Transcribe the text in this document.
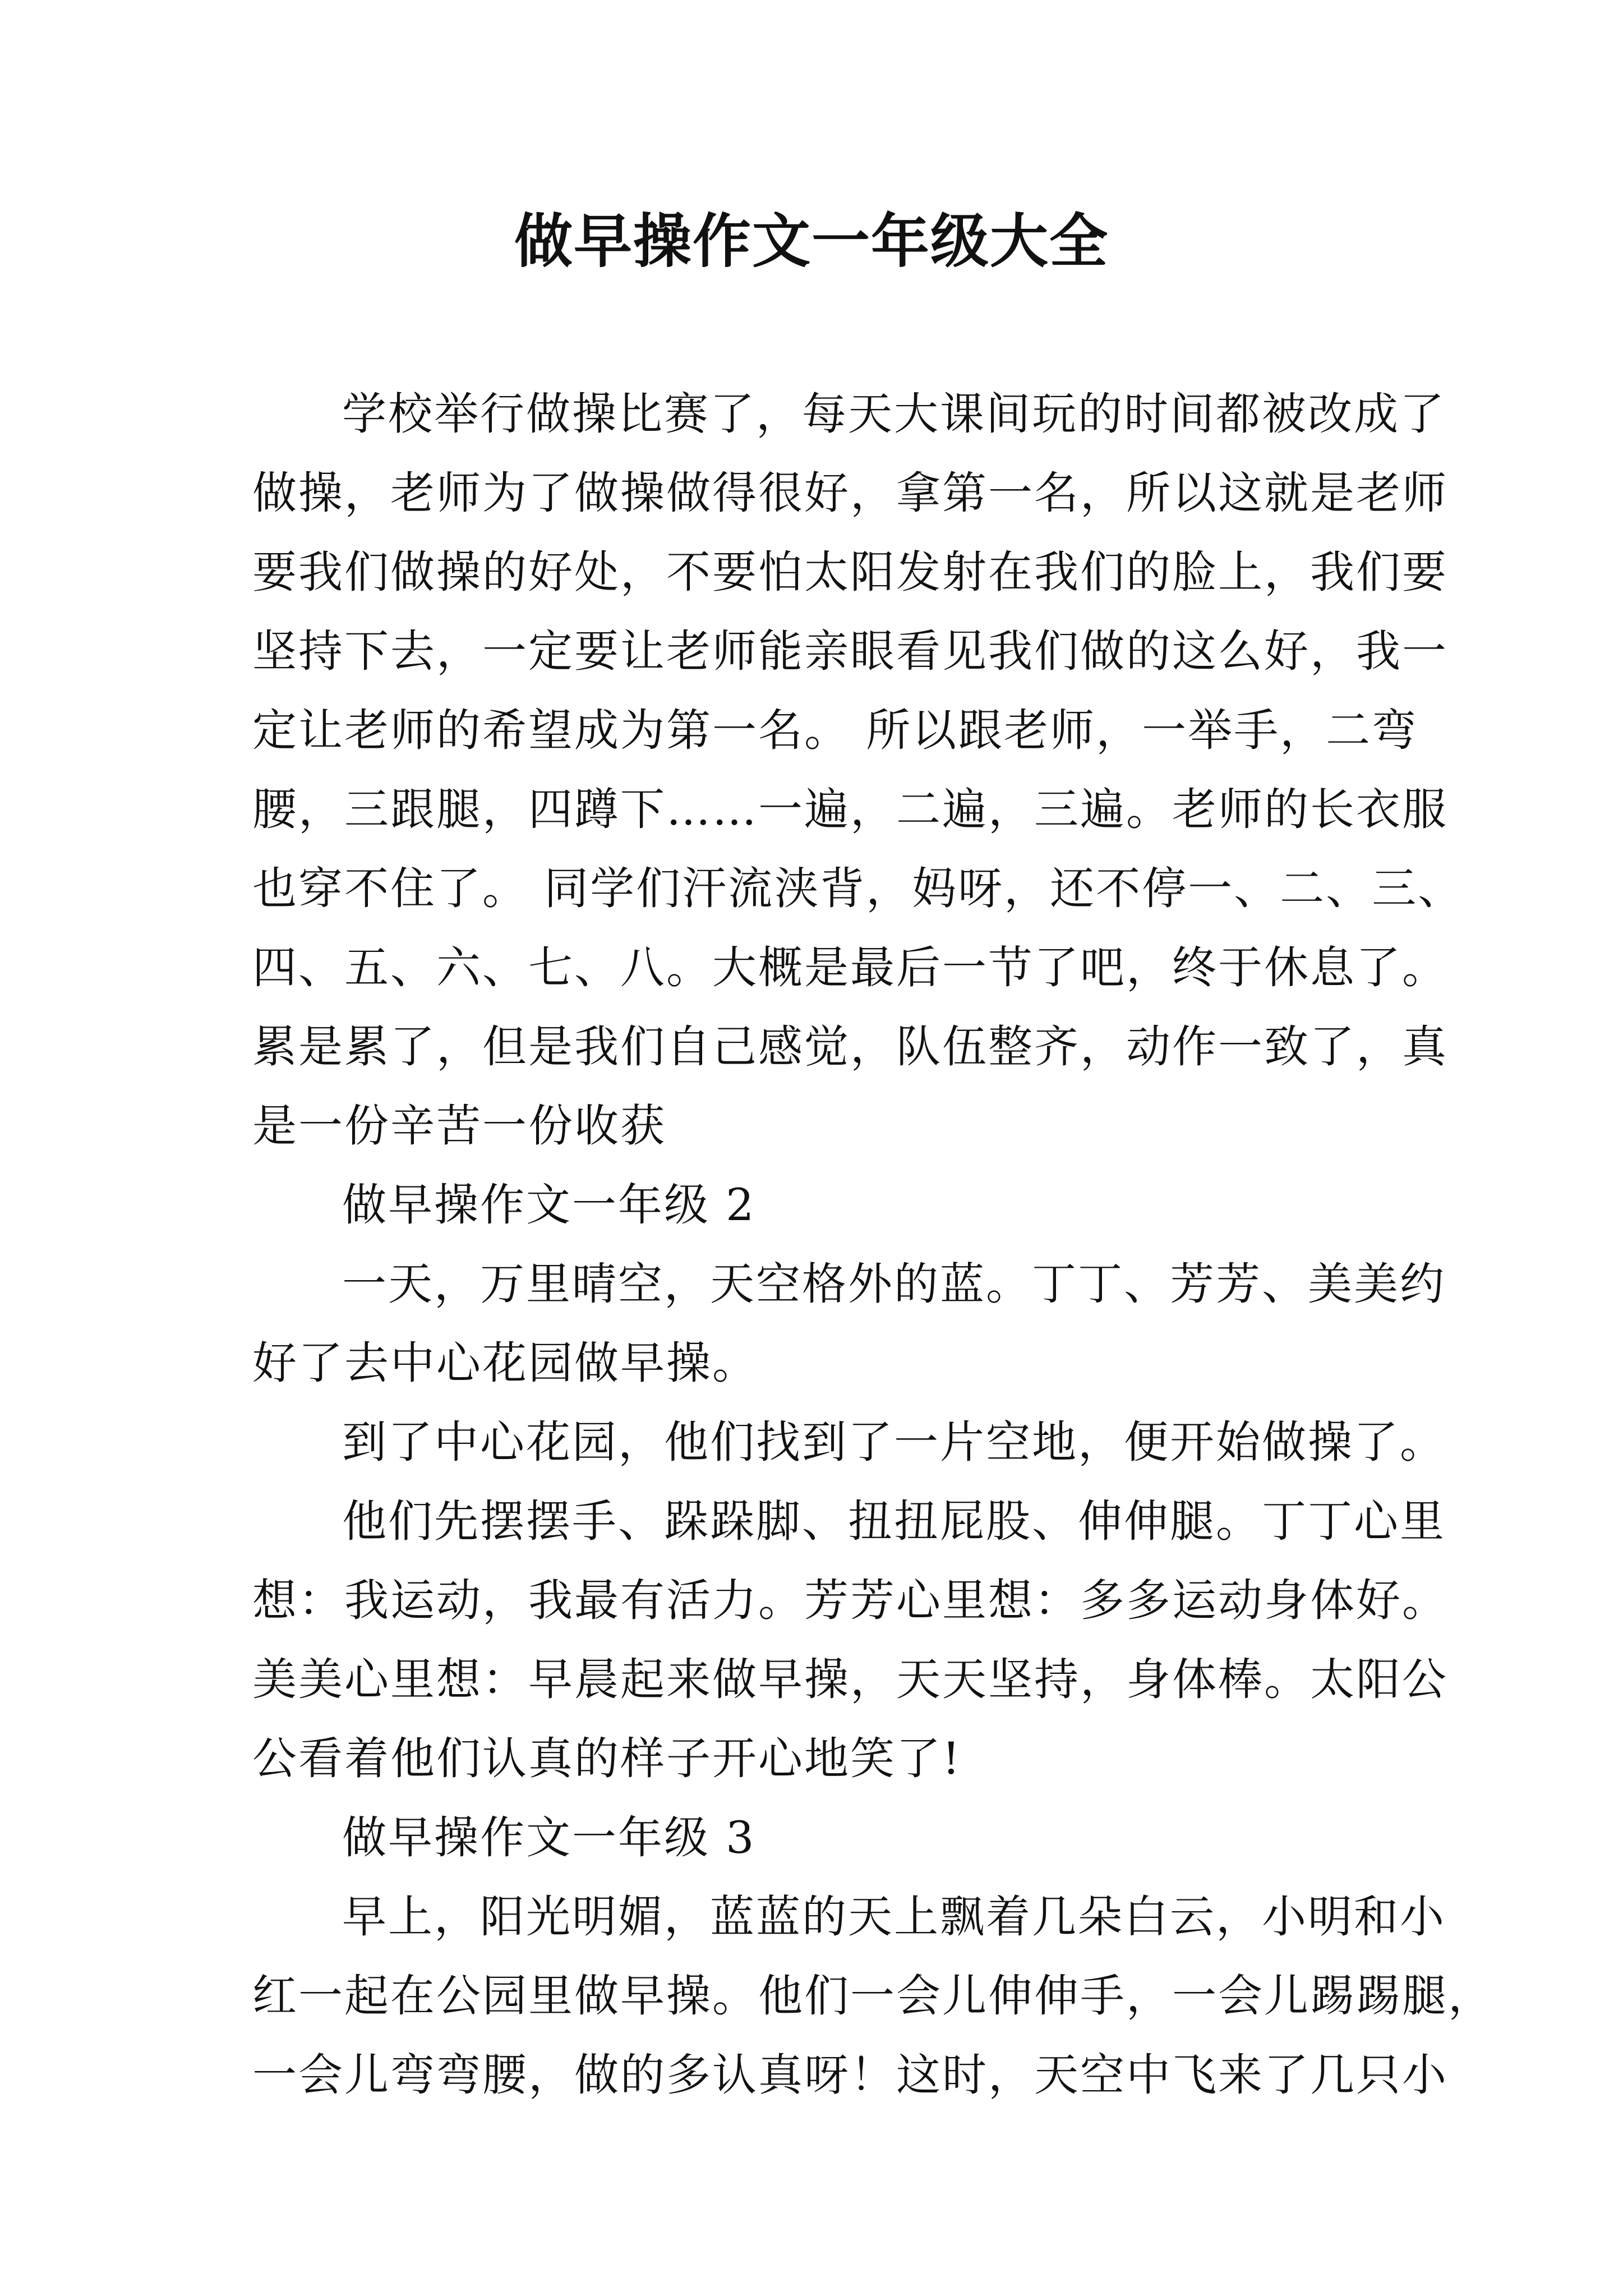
做早操作文一年级大全
学校举行做操比赛了，每天大课间玩的时间都被改成了
做操，老师为了做操做得很好，拿第一名，所以这就是老师
要我们做操的好处，不要怕太阳发射在我们的脸上，我们要
坚持下去，一定要让老师能亲眼看见我们做的这么好，我一
定让老师的希望成为第一名。 所以跟老师，一举手，二弯
腰，三跟腿，四蹲下……一遍，二遍，三遍。老师的长衣服
也穿不住了。 同学们汗流浃背，妈呀，还不停一、二、三、
四、五、六、七、八。大概是最后一节了吧，终于休息了。
累是累了，但是我们自己感觉，队伍整齐，动作一致了，真
是一份辛苦一份收获
做早操作文一年级 2
一天，万里晴空，天空格外的蓝。丁丁、芳芳、美美约
好了去中心花园做早操。
到了中心花园，他们找到了一片空地，便开始做操了。
他们先摆摆手、跺跺脚、扭扭屁股、伸伸腿。丁丁心里
想：我运动，我最有活力。芳芳心里想：多多运动身体好。
美美心里想：早晨起来做早操，天天坚持，身体棒。太阳公
公看着他们认真的样子开心地笑了!
做早操作文一年级 3
早上，阳光明媚，蓝蓝的天上飘着几朵白云，小明和小
红一起在公园里做早操。他们一会儿伸伸手，一会儿踢踢腿，
一会儿弯弯腰，做的多认真呀！这时，天空中飞来了几只小
